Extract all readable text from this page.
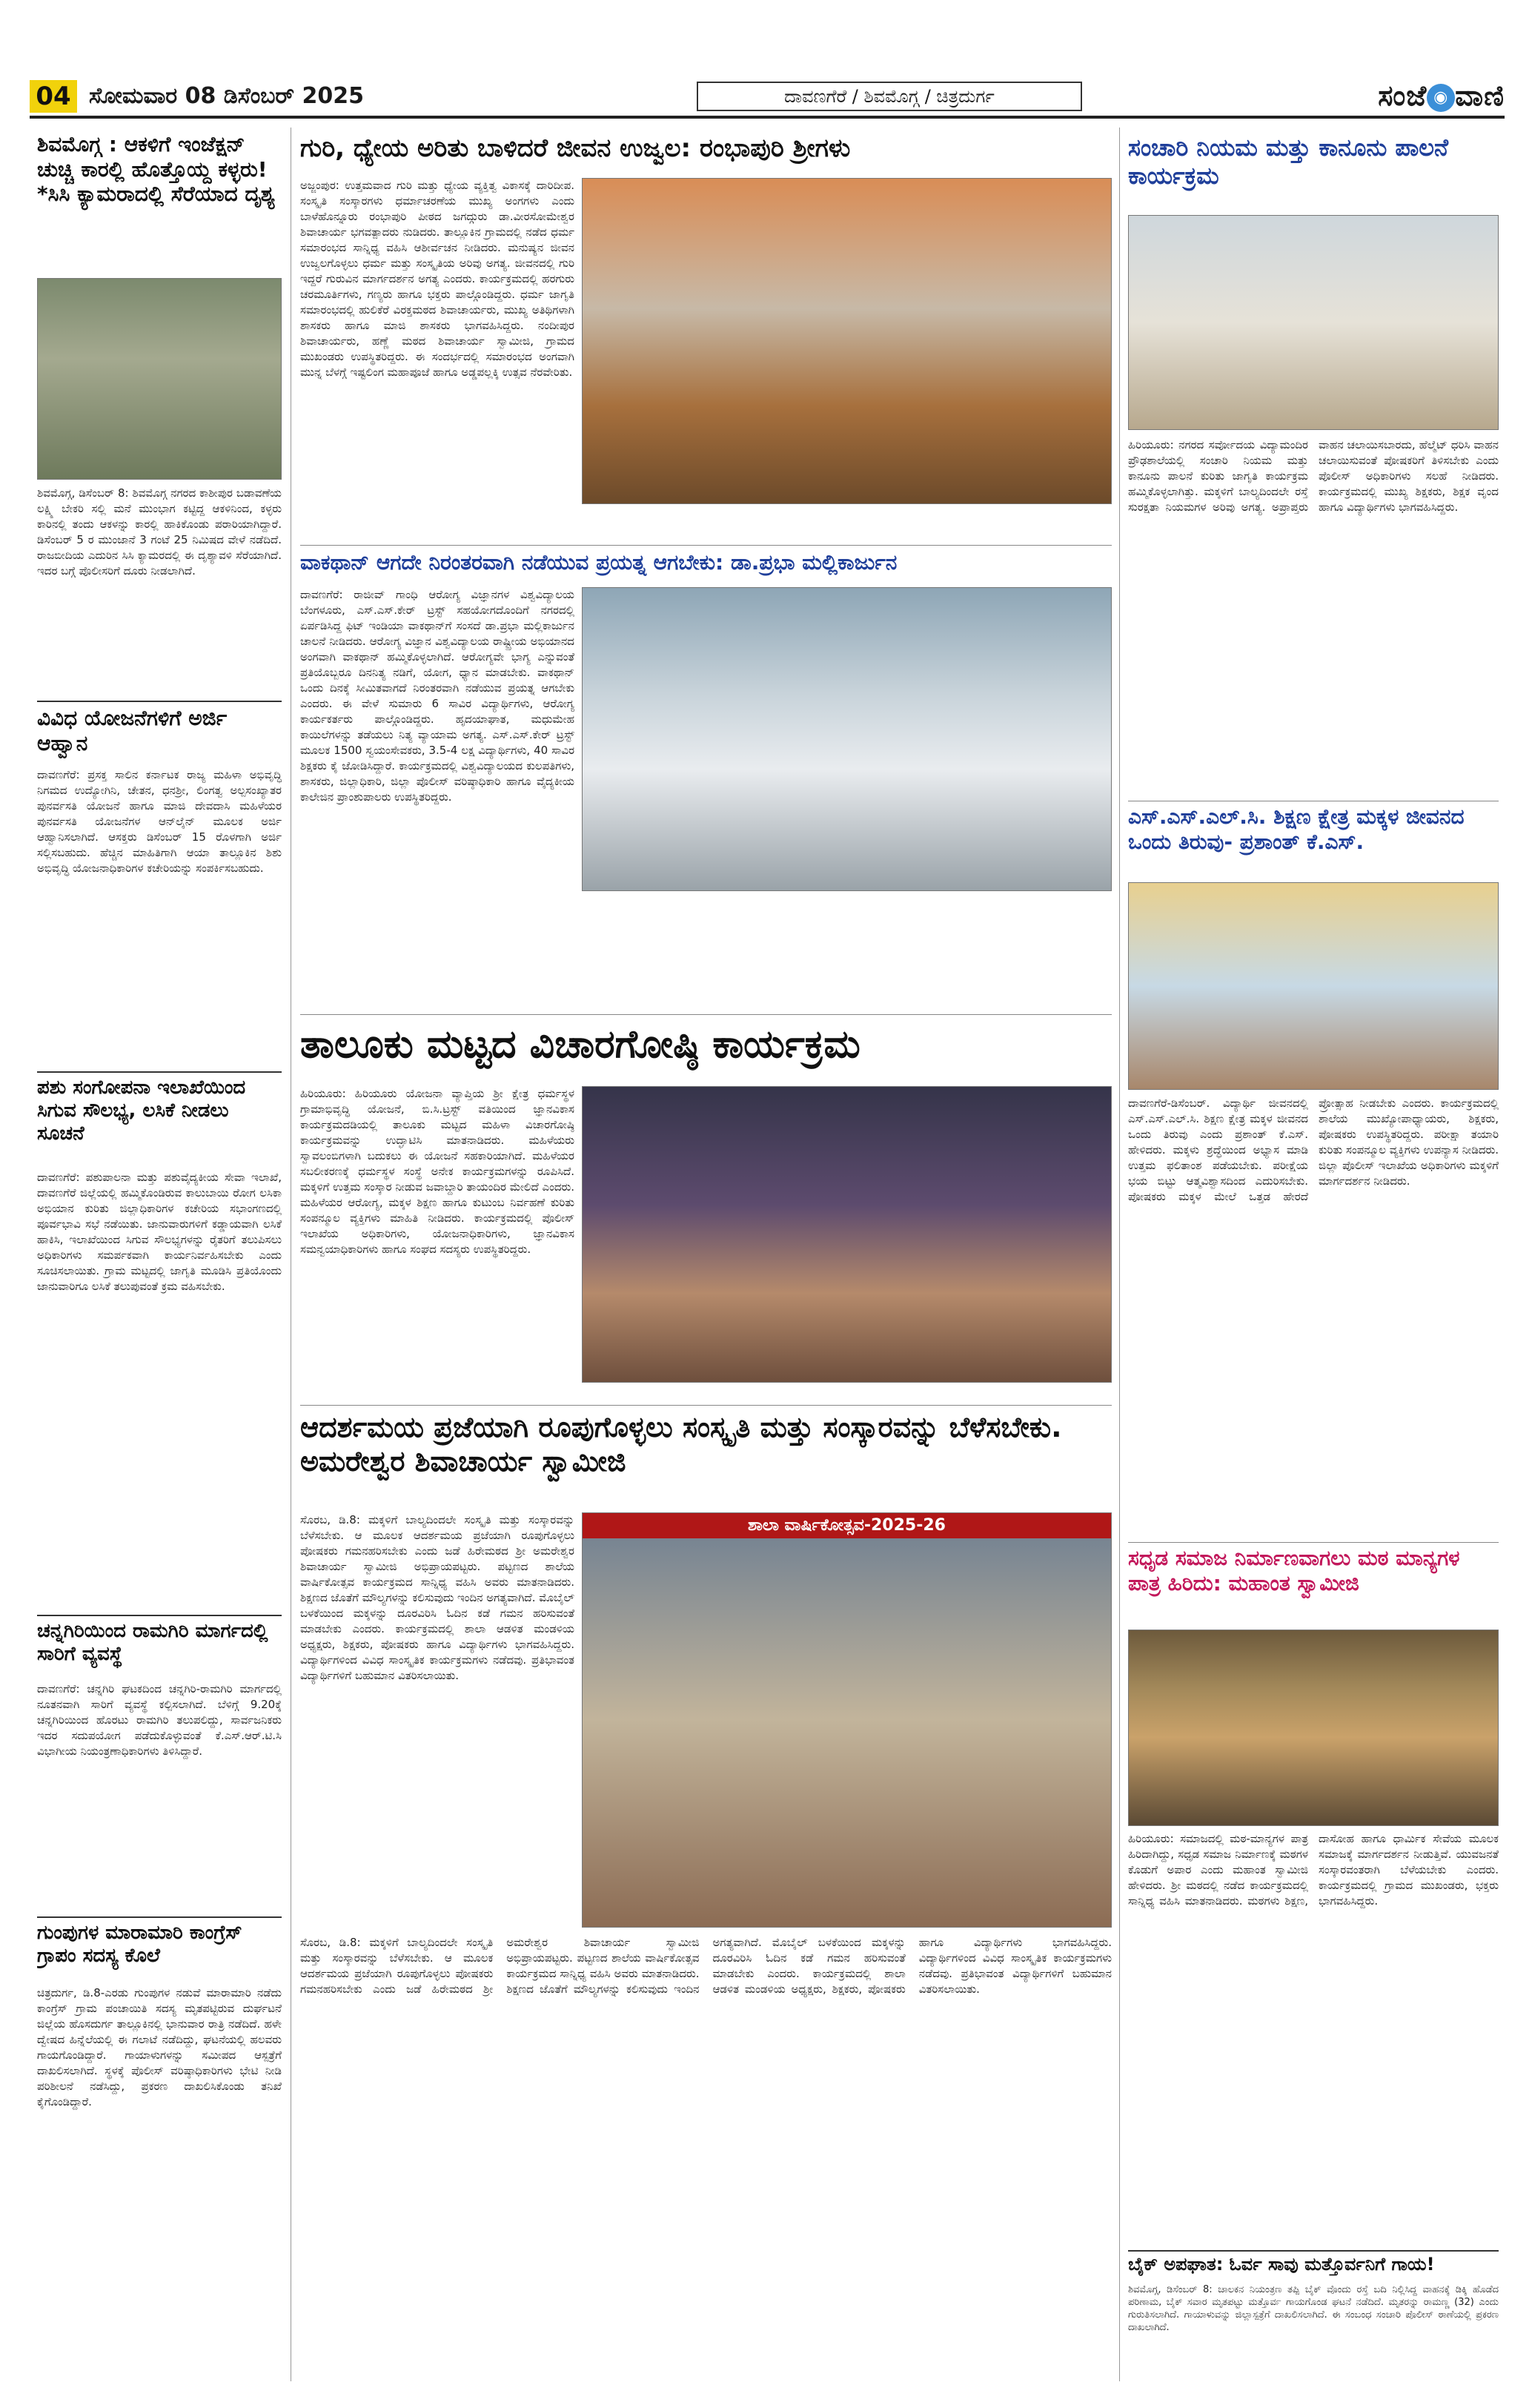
04 ಸೋಮವಾರ 08 ಡಿಸೆಂಬರ್ 2025	ದಾವಣಗೆರೆ / ಶಿವಮೊಗ್ಗ / ಚಿತ್ರದುರ್ಗ	ಸಂಜೆ ◉ ವಾಣಿ
ಶಿವಮೊಗ್ಗ : ಆಕಳಿಗೆ ಇಂಜೆಕ್ಷನ್ ಚುಚ್ಚಿ ಕಾರಲ್ಲಿ ಹೊತ್ತೊಯ್ದ ಕಳ್ಳರು! *ಸಿಸಿ ಕ್ಯಾಮರಾದಲ್ಲಿ ಸೆರೆಯಾದ ದೃಶ್ಯ
ಶಿವಮೊಗ್ಗ, ಡಿಸೆಂಬರ್ 8: ಶಿವಮೊಗ್ಗ ನಗರದ ಕಾಶೀಪುರ ಬಡಾವಣೆಯ ಲಕ್ಷ್ಮಿ ಬೇಕರಿ ಸಲ್ಲಿ ಮನೆ ಮುಂಭಾಗ ಕಟ್ಟಿದ್ದ ಆಕಳಿನಿಂದ, ಕಳ್ಳರು ಕಾರಿನಲ್ಲಿ ತಂದು ಆಕಳನ್ನು ಕಾರಲ್ಲಿ ಹಾಕಿಕೊಂಡು ಪರಾರಿಯಾಗಿದ್ದಾರೆ. ಡಿಸೆಂಬರ್ 5 ರ ಮುಂಜಾನೆ 3 ಗಂಟೆ 25 ನಿಮಿಷದ ವೇಳೆ ನಡೆದಿದೆ. ರಾಜಬೀದಿಯ ಎದುರಿನ ಸಿಸಿ ಕ್ಯಾಮರದಲ್ಲಿ ಈ ದೃಶ್ಯಾವಳಿ ಸೆರೆಯಾಗಿದೆ. ಇದರ ಬಗ್ಗೆ ಪೊಲೀಸರಿಗೆ ದೂರು ನೀಡಲಾಗಿದೆ.
ವಿವಿಧ ಯೋಜನೆಗಳಿಗೆ ಅರ್ಜಿ ಆಹ್ವಾನ
ದಾವಣಗೆರೆ: ಪ್ರಸಕ್ತ ಸಾಲಿನ ಕರ್ನಾಟಕ ರಾಜ್ಯ ಮಹಿಳಾ ಅಭಿವೃದ್ಧಿ ನಿಗಮದ ಉದ್ಯೋಗಿನಿ, ಚೇತನ, ಧನಶ್ರೀ, ಲಿಂಗತ್ವ ಅಲ್ಪಸಂಖ್ಯಾತರ ಪುನರ್ವಸತಿ ಯೋಜನೆ ಹಾಗೂ ಮಾಜಿ ದೇವದಾಸಿ ಮಹಿಳೆಯರ ಪುನರ್ವಸತಿ ಯೋಜನೆಗಳ ಆನ್‌ಲೈನ್ ಮೂಲಕ ಅರ್ಜಿ ಆಹ್ವಾನಿಸಲಾಗಿದೆ. ಆಸಕ್ತರು ಡಿಸೆಂಬರ್ 15 ರೊಳಗಾಗಿ ಅರ್ಜಿ ಸಲ್ಲಿಸಬಹುದು. ಹೆಚ್ಚಿನ ಮಾಹಿತಿಗಾಗಿ ಆಯಾ ತಾಲ್ಲೂಕಿನ ಶಿಶು ಅಭಿವೃದ್ಧಿ ಯೋಜನಾಧಿಕಾರಿಗಳ ಕಚೇರಿಯನ್ನು ಸಂಪರ್ಕಿಸಬಹುದು.
ಪಶು ಸಂಗೋಪನಾ ಇಲಾಖೆಯಿಂದ ಸಿಗುವ ಸೌಲಭ್ಯ, ಲಸಿಕೆ ನೀಡಲು ಸೂಚನೆ
ದಾವಣಗೆರೆ: ಪಶುಪಾಲನಾ ಮತ್ತು ಪಶುವೈದ್ಯಕೀಯ ಸೇವಾ ಇಲಾಖೆ, ದಾವಣಗೆರೆ ಜಿಲ್ಲೆಯಲ್ಲಿ ಹಮ್ಮಿಕೊಂಡಿರುವ ಕಾಲುಬಾಯಿ ರೋಗ ಲಸಿಕಾ ಅಭಿಯಾನ ಕುರಿತು ಜಿಲ್ಲಾಧಿಕಾರಿಗಳ ಕಚೇರಿಯ ಸಭಾಂಗಣದಲ್ಲಿ ಪೂರ್ವಭಾವಿ ಸಭೆ ನಡೆಯಿತು. ಜಾನುವಾರುಗಳಿಗೆ ಕಡ್ಡಾಯವಾಗಿ ಲಸಿಕೆ ಹಾಕಿಸಿ, ಇಲಾಖೆಯಿಂದ ಸಿಗುವ ಸೌಲಭ್ಯಗಳನ್ನು ರೈತರಿಗೆ ತಲುಪಿಸಲು ಅಧಿಕಾರಿಗಳು ಸಮರ್ಪಕವಾಗಿ ಕಾರ್ಯನಿರ್ವಹಿಸಬೇಕು ಎಂದು ಸೂಚಿಸಲಾಯಿತು. ಗ್ರಾಮ ಮಟ್ಟದಲ್ಲಿ ಜಾಗೃತಿ ಮೂಡಿಸಿ ಪ್ರತಿಯೊಂದು ಜಾನುವಾರಿಗೂ ಲಸಿಕೆ ತಲುಪುವಂತೆ ಕ್ರಮ ವಹಿಸಬೇಕು.
ಚನ್ನಗಿರಿಯಿಂದ ರಾಮಗಿರಿ ಮಾರ್ಗದಲ್ಲಿ ಸಾರಿಗೆ ವ್ಯವಸ್ಥೆ
ದಾವಣಗೆರೆ: ಚನ್ನಗಿರಿ ಘಟಕದಿಂದ ಚನ್ನಗಿರಿ-ರಾಮಗಿರಿ ಮಾರ್ಗದಲ್ಲಿ ನೂತನವಾಗಿ ಸಾರಿಗೆ ವ್ಯವಸ್ಥೆ ಕಲ್ಪಿಸಲಾಗಿದೆ. ಬೆಳಿಗ್ಗೆ 9.20ಕ್ಕೆ ಚನ್ನಗಿರಿಯಿಂದ ಹೊರಟು ರಾಮಗಿರಿ ತಲುಪಲಿದ್ದು, ಸಾರ್ವಜನಿಕರು ಇದರ ಸದುಪಯೋಗ ಪಡೆದುಕೊಳ್ಳುವಂತೆ ಕೆ.ಎಸ್.ಆರ್.ಟಿ.ಸಿ ವಿಭಾಗೀಯ ನಿಯಂತ್ರಣಾಧಿಕಾರಿಗಳು ತಿಳಿಸಿದ್ದಾರೆ.
ಗುಂಪುಗಳ ಮಾರಾಮಾರಿ ಕಾಂಗ್ರೆಸ್ ಗ್ರಾಪಂ ಸದಸ್ಯ ಕೊಲೆ
ಚಿತ್ರದುರ್ಗ, ಡಿ.8-ಎರಡು ಗುಂಪುಗಳ ನಡುವೆ ಮಾರಾಮಾರಿ ನಡೆದು ಕಾಂಗ್ರೆಸ್ ಗ್ರಾಮ ಪಂಚಾಯಿತಿ ಸದಸ್ಯ ಮೃತಪಟ್ಟಿರುವ ದುರ್ಘಟನೆ ಜಿಲ್ಲೆಯ ಹೊಸದುರ್ಗ ತಾಲ್ಲೂಕಿನಲ್ಲಿ ಭಾನುವಾರ ರಾತ್ರಿ ನಡೆದಿದೆ. ಹಳೇ ದ್ವೇಷದ ಹಿನ್ನೆಲೆಯಲ್ಲಿ ಈ ಗಲಾಟೆ ನಡೆದಿದ್ದು, ಘಟನೆಯಲ್ಲಿ ಹಲವರು ಗಾಯಗೊಂಡಿದ್ದಾರೆ. ಗಾಯಾಳುಗಳನ್ನು ಸಮೀಪದ ಆಸ್ಪತ್ರೆಗೆ ದಾಖಲಿಸಲಾಗಿದೆ. ಸ್ಥಳಕ್ಕೆ ಪೊಲೀಸ್ ವರಿಷ್ಠಾಧಿಕಾರಿಗಳು ಭೇಟಿ ನೀಡಿ ಪರಿಶೀಲನೆ ನಡೆಸಿದ್ದು, ಪ್ರಕರಣ ದಾಖಲಿಸಿಕೊಂಡು ತನಿಖೆ ಕೈಗೊಂಡಿದ್ದಾರೆ.
ಗುರಿ, ಧ್ಯೇಯ ಅರಿತು ಬಾಳಿದರೆ ಜೀವನ ಉಜ್ವಲ: ರಂಭಾಪುರಿ ಶ್ರೀಗಳು
ಅಜ್ಜಂಪುರ: ಉತ್ತಮವಾದ ಗುರಿ ಮತ್ತು ಧ್ಯೇಯ ವ್ಯಕ್ತಿತ್ವ ವಿಕಾಸಕ್ಕೆ ದಾರಿದೀಪ. ಸಂಸ್ಕೃತಿ ಸಂಸ್ಕಾರಗಳು ಧರ್ಮಾಚರಣೆಯ ಮುಖ್ಯ ಅಂಗಗಳು ಎಂದು ಬಾಳೆಹೊನ್ನೂರು ರಂಭಾಪುರಿ ಪೀಠದ ಜಗದ್ಗುರು ಡಾ.ವೀರಸೋಮೇಶ್ವರ ಶಿವಾಚಾರ್ಯ ಭಗವತ್ಪಾದರು ನುಡಿದರು. ತಾಲ್ಲೂಕಿನ ಗ್ರಾಮದಲ್ಲಿ ನಡೆದ ಧರ್ಮ ಸಮಾರಂಭದ ಸಾನ್ನಿಧ್ಯ ವಹಿಸಿ ಆಶೀರ್ವಚನ ನೀಡಿದರು. ಮನುಷ್ಯನ ಜೀವನ ಉಜ್ವಲಗೊಳ್ಳಲು ಧರ್ಮ ಮತ್ತು ಸಂಸ್ಕೃತಿಯ ಅರಿವು ಅಗತ್ಯ. ಜೀವನದಲ್ಲಿ ಗುರಿ ಇದ್ದರೆ ಗುರುವಿನ ಮಾರ್ಗದರ್ಶನ ಅಗತ್ಯ ಎಂದರು. ಕಾರ್ಯಕ್ರಮದಲ್ಲಿ ಹರಗುರು ಚರಮೂರ್ತಿಗಳು, ಗಣ್ಯರು ಹಾಗೂ ಭಕ್ತರು ಪಾಲ್ಗೊಂಡಿದ್ದರು. ಧರ್ಮ ಜಾಗೃತಿ ಸಮಾರಂಭದಲ್ಲಿ ಹುಲಿಕೆರೆ ವಿರಕ್ತಮಠದ ಶಿವಾಚಾರ್ಯರು, ಮುಖ್ಯ ಅತಿಥಿಗಳಾಗಿ ಶಾಸಕರು ಹಾಗೂ ಮಾಜಿ ಶಾಸಕರು ಭಾಗವಹಿಸಿದ್ದರು. ನಂದೀಪುರ ಶಿವಾಚಾರ್ಯರು, ಹಣ್ಣೆ ಮಠದ ಶಿವಾಚಾರ್ಯ ಸ್ವಾಮೀಜಿ, ಗ್ರಾಮದ ಮುಖಂಡರು ಉಪಸ್ಥಿತರಿದ್ದರು. ಈ ಸಂದರ್ಭದಲ್ಲಿ ಸಮಾರಂಭದ ಅಂಗವಾಗಿ ಮುನ್ನ ಬೆಳಗ್ಗೆ ಇಷ್ಟಲಿಂಗ ಮಹಾಪೂಜೆ ಹಾಗೂ ಅಡ್ಡಪಲ್ಲಕ್ಕಿ ಉತ್ಸವ ನೆರವೇರಿತು.
ವಾಕಥಾನ್ ಆಗದೇ ನಿರಂತರವಾಗಿ ನಡೆಯುವ ಪ್ರಯತ್ನ ಆಗಬೇಕು: ಡಾ.ಪ್ರಭಾ ಮಲ್ಲಿಕಾರ್ಜುನ
ದಾವಣಗೆರೆ: ರಾಜೀವ್ ಗಾಂಧಿ ಆರೋಗ್ಯ ವಿಜ್ಞಾನಗಳ ವಿಶ್ವವಿದ್ಯಾಲಯ ಬೆಂಗಳೂರು, ಎಸ್.ಎಸ್.ಕೇರ್ ಟ್ರಸ್ಟ್ ಸಹಯೋಗದೊಂದಿಗೆ ನಗರದಲ್ಲಿ ಏರ್ಪಡಿಸಿದ್ದ ಫಿಟ್ ಇಂಡಿಯಾ ವಾಕಥಾನ್‌ಗೆ ಸಂಸದೆ ಡಾ.ಪ್ರಭಾ ಮಲ್ಲಿಕಾರ್ಜುನ ಚಾಲನೆ ನೀಡಿದರು. ಆರೋಗ್ಯ ವಿಜ್ಞಾನ ವಿಶ್ವವಿದ್ಯಾಲಯ ರಾಷ್ಟ್ರೀಯ ಅಭಿಯಾನದ ಅಂಗವಾಗಿ ವಾಕಥಾನ್ ಹಮ್ಮಿಕೊಳ್ಳಲಾಗಿದೆ. ಆರೋಗ್ಯವೇ ಭಾಗ್ಯ ಎನ್ನುವಂತೆ ಪ್ರತಿಯೊಬ್ಬರೂ ದಿನನಿತ್ಯ ನಡಿಗೆ, ಯೋಗ, ಧ್ಯಾನ ಮಾಡಬೇಕು. ವಾಕಥಾನ್ ಒಂದು ದಿನಕ್ಕೆ ಸೀಮಿತವಾಗದೆ ನಿರಂತರವಾಗಿ ನಡೆಯುವ ಪ್ರಯತ್ನ ಆಗಬೇಕು ಎಂದರು. ಈ ವೇಳೆ ಸುಮಾರು 6 ಸಾವಿರ ವಿದ್ಯಾರ್ಥಿಗಳು, ಆರೋಗ್ಯ ಕಾರ್ಯಕರ್ತರು ಪಾಲ್ಗೊಂಡಿದ್ದರು. ಹೃದಯಾಘಾತ, ಮಧುಮೇಹ ಕಾಯಿಲೆಗಳನ್ನು ತಡೆಯಲು ನಿತ್ಯ ವ್ಯಾಯಾಮ ಅಗತ್ಯ. ಎಸ್.ಎಸ್.ಕೇರ್ ಟ್ರಸ್ಟ್ ಮೂಲಕ 1500 ಸ್ವಯಂಸೇವಕರು, 3.5-4 ಲಕ್ಷ ವಿದ್ಯಾರ್ಥಿಗಳು, 40 ಸಾವಿರ ಶಿಕ್ಷಕರು ಕೈ ಜೋಡಿಸಿದ್ದಾರೆ. ಕಾರ್ಯಕ್ರಮದಲ್ಲಿ ವಿಶ್ವವಿದ್ಯಾಲಯದ ಕುಲಪತಿಗಳು, ಶಾಸಕರು, ಜಿಲ್ಲಾಧಿಕಾರಿ, ಜಿಲ್ಲಾ ಪೊಲೀಸ್ ವರಿಷ್ಠಾಧಿಕಾರಿ ಹಾಗೂ ವೈದ್ಯಕೀಯ ಕಾಲೇಜಿನ ಪ್ರಾಂಶುಪಾಲರು ಉಪಸ್ಥಿತರಿದ್ದರು.
ತಾಲೂಕು ಮಟ್ಟದ ವಿಚಾರಗೋಷ್ಠಿ ಕಾರ್ಯಕ್ರಮ
ಹಿರಿಯೂರು: ಹಿರಿಯೂರು ಯೋಜನಾ ವ್ಯಾಪ್ತಿಯ ಶ್ರೀ ಕ್ಷೇತ್ರ ಧರ್ಮಸ್ಥಳ ಗ್ರಾಮಾಭಿವೃದ್ಧಿ ಯೋಜನೆ, ಬಿ.ಸಿ.ಟ್ರಸ್ಟ್ ವತಿಯಿಂದ ಜ್ಞಾನವಿಕಾಸ ಕಾರ್ಯಕ್ರಮದಡಿಯಲ್ಲಿ ತಾಲೂಕು ಮಟ್ಟದ ಮಹಿಳಾ ವಿಚಾರಗೋಷ್ಠಿ ಕಾರ್ಯಕ್ರಮವನ್ನು ಉದ್ಘಾಟಿಸಿ ಮಾತನಾಡಿದರು. ಮಹಿಳೆಯರು ಸ್ವಾವಲಂಬಿಗಳಾಗಿ ಬದುಕಲು ಈ ಯೋಜನೆ ಸಹಕಾರಿಯಾಗಿದೆ. ಮಹಿಳೆಯರ ಸಬಲೀಕರಣಕ್ಕೆ ಧರ್ಮಸ್ಥಳ ಸಂಸ್ಥೆ ಅನೇಕ ಕಾರ್ಯಕ್ರಮಗಳನ್ನು ರೂಪಿಸಿದೆ. ಮಕ್ಕಳಿಗೆ ಉತ್ತಮ ಸಂಸ್ಕಾರ ನೀಡುವ ಜವಾಬ್ದಾರಿ ತಾಯಂದಿರ ಮೇಲಿದೆ ಎಂದರು. ಮಹಿಳೆಯರ ಆರೋಗ್ಯ, ಮಕ್ಕಳ ಶಿಕ್ಷಣ ಹಾಗೂ ಕುಟುಂಬ ನಿರ್ವಹಣೆ ಕುರಿತು ಸಂಪನ್ಮೂಲ ವ್ಯಕ್ತಿಗಳು ಮಾಹಿತಿ ನೀಡಿದರು. ಕಾರ್ಯಕ್ರಮದಲ್ಲಿ ಪೊಲೀಸ್ ಇಲಾಖೆಯ ಅಧಿಕಾರಿಗಳು, ಯೋಜನಾಧಿಕಾರಿಗಳು, ಜ್ಞಾನವಿಕಾಸ ಸಮನ್ವಯಾಧಿಕಾರಿಗಳು ಹಾಗೂ ಸಂಘದ ಸದಸ್ಯರು ಉಪಸ್ಥಿತರಿದ್ದರು.
ಆದರ್ಶಮಯ ಪ್ರಜೆಯಾಗಿ ರೂಪುಗೊಳ್ಳಲು ಸಂಸ್ಕೃತಿ ಮತ್ತು ಸಂಸ್ಕಾರವನ್ನು ಬೆಳೆಸಬೇಕು. ಅಮರೇಶ್ವರ ಶಿವಾಚಾರ್ಯ ಸ್ವಾಮೀಜಿ
ಸೊರಬ, ಡಿ.8: ಮಕ್ಕಳಿಗೆ ಬಾಲ್ಯದಿಂದಲೇ ಸಂಸ್ಕೃತಿ ಮತ್ತು ಸಂಸ್ಕಾರವನ್ನು ಬೆಳೆಸಬೇಕು. ಆ ಮೂಲಕ ಆದರ್ಶಮಯ ಪ್ರಜೆಯಾಗಿ ರೂಪುಗೊಳ್ಳಲು ಪೋಷಕರು ಗಮನಹರಿಸಬೇಕು ಎಂದು ಜಡೆ ಹಿರೇಮಠದ ಶ್ರೀ ಅಮರೇಶ್ವರ ಶಿವಾಚಾರ್ಯ ಸ್ವಾಮೀಜಿ ಅಭಿಪ್ರಾಯಪಟ್ಟರು. ಪಟ್ಟಣದ ಶಾಲೆಯ ವಾರ್ಷಿಕೋತ್ಸವ ಕಾರ್ಯಕ್ರಮದ ಸಾನ್ನಿಧ್ಯ ವಹಿಸಿ ಅವರು ಮಾತನಾಡಿದರು. ಶಿಕ್ಷಣದ ಜೊತೆಗೆ ಮೌಲ್ಯಗಳನ್ನು ಕಲಿಸುವುದು ಇಂದಿನ ಅಗತ್ಯವಾಗಿದೆ. ಮೊಬೈಲ್ ಬಳಕೆಯಿಂದ ಮಕ್ಕಳನ್ನು ದೂರವಿರಿಸಿ ಓದಿನ ಕಡೆ ಗಮನ ಹರಿಸುವಂತೆ ಮಾಡಬೇಕು ಎಂದರು. ಕಾರ್ಯಕ್ರಮದಲ್ಲಿ ಶಾಲಾ ಆಡಳಿತ ಮಂಡಳಿಯ ಅಧ್ಯಕ್ಷರು, ಶಿಕ್ಷಕರು, ಪೋಷಕರು ಹಾಗೂ ವಿದ್ಯಾರ್ಥಿಗಳು ಭಾಗವಹಿಸಿದ್ದರು. ವಿದ್ಯಾರ್ಥಿಗಳಿಂದ ವಿವಿಧ ಸಾಂಸ್ಕೃತಿಕ ಕಾರ್ಯಕ್ರಮಗಳು ನಡೆದವು. ಪ್ರತಿಭಾವಂತ ವಿದ್ಯಾರ್ಥಿಗಳಿಗೆ ಬಹುಮಾನ ವಿತರಿಸಲಾಯಿತು.
ಶಾಲಾ ವಾರ್ಷಿಕೋತ್ಸವ-2025-26
ಸೊರಬ, ಡಿ.8: ಮಕ್ಕಳಿಗೆ ಬಾಲ್ಯದಿಂದಲೇ ಸಂಸ್ಕೃತಿ ಮತ್ತು ಸಂಸ್ಕಾರವನ್ನು ಬೆಳೆಸಬೇಕು. ಆ ಮೂಲಕ ಆದರ್ಶಮಯ ಪ್ರಜೆಯಾಗಿ ರೂಪುಗೊಳ್ಳಲು ಪೋಷಕರು ಗಮನಹರಿಸಬೇಕು ಎಂದು ಜಡೆ ಹಿರೇಮಠದ ಶ್ರೀ ಅಮರೇಶ್ವರ ಶಿವಾಚಾರ್ಯ ಸ್ವಾಮೀಜಿ ಅಭಿಪ್ರಾಯಪಟ್ಟರು. ಪಟ್ಟಣದ ಶಾಲೆಯ ವಾರ್ಷಿಕೋತ್ಸವ ಕಾರ್ಯಕ್ರಮದ ಸಾನ್ನಿಧ್ಯ ವಹಿಸಿ ಅವರು ಮಾತನಾಡಿದರು. ಶಿಕ್ಷಣದ ಜೊತೆಗೆ ಮೌಲ್ಯಗಳನ್ನು ಕಲಿಸುವುದು ಇಂದಿನ ಅಗತ್ಯವಾಗಿದೆ. ಮೊಬೈಲ್ ಬಳಕೆಯಿಂದ ಮಕ್ಕಳನ್ನು ದೂರವಿರಿಸಿ ಓದಿನ ಕಡೆ ಗಮನ ಹರಿಸುವಂತೆ ಮಾಡಬೇಕು ಎಂದರು. ಕಾರ್ಯಕ್ರಮದಲ್ಲಿ ಶಾಲಾ ಆಡಳಿತ ಮಂಡಳಿಯ ಅಧ್ಯಕ್ಷರು, ಶಿಕ್ಷಕರು, ಪೋಷಕರು ಹಾಗೂ ವಿದ್ಯಾರ್ಥಿಗಳು ಭಾಗವಹಿಸಿದ್ದರು. ವಿದ್ಯಾರ್ಥಿಗಳಿಂದ ವಿವಿಧ ಸಾಂಸ್ಕೃತಿಕ ಕಾರ್ಯಕ್ರಮಗಳು ನಡೆದವು. ಪ್ರತಿಭಾವಂತ ವಿದ್ಯಾರ್ಥಿಗಳಿಗೆ ಬಹುಮಾನ ವಿತರಿಸಲಾಯಿತು.
ಸಂಚಾರಿ ನಿಯಮ ಮತ್ತು ಕಾನೂನು ಪಾಲನೆ ಕಾರ್ಯಕ್ರಮ
ಹಿರಿಯೂರು: ನಗರದ ಸರ್ವೋದಯ ವಿದ್ಯಾಮಂದಿರ ಪ್ರೌಢಶಾಲೆಯಲ್ಲಿ ಸಂಚಾರಿ ನಿಯಮ ಮತ್ತು ಕಾನೂನು ಪಾಲನೆ ಕುರಿತು ಜಾಗೃತಿ ಕಾರ್ಯಕ್ರಮ ಹಮ್ಮಿಕೊಳ್ಳಲಾಗಿತ್ತು. ಮಕ್ಕಳಿಗೆ ಬಾಲ್ಯದಿಂದಲೇ ರಸ್ತೆ ಸುರಕ್ಷತಾ ನಿಯಮಗಳ ಅರಿವು ಅಗತ್ಯ. ಅಪ್ರಾಪ್ತರು ವಾಹನ ಚಲಾಯಿಸಬಾರದು, ಹೆಲ್ಮೆಟ್ ಧರಿಸಿ ವಾಹನ ಚಲಾಯಿಸುವಂತೆ ಪೋಷಕರಿಗೆ ತಿಳಿಸಬೇಕು ಎಂದು ಪೊಲೀಸ್ ಅಧಿಕಾರಿಗಳು ಸಲಹೆ ನೀಡಿದರು. ಕಾರ್ಯಕ್ರಮದಲ್ಲಿ ಮುಖ್ಯ ಶಿಕ್ಷಕರು, ಶಿಕ್ಷಕ ವೃಂದ ಹಾಗೂ ವಿದ್ಯಾರ್ಥಿಗಳು ಭಾಗವಹಿಸಿದ್ದರು.
ಎಸ್.ಎಸ್.ಎಲ್.ಸಿ. ಶಿಕ್ಷಣ ಕ್ಷೇತ್ರ ಮಕ್ಕಳ ಜೀವನದ ಒಂದು ತಿರುವು- ಪ್ರಶಾಂತ್ ಕೆ.ಎಸ್.
ದಾವಣಗೆರೆ-ಡಿಸೆಂಬರ್. ವಿದ್ಯಾರ್ಥಿ ಜೀವನದಲ್ಲಿ ಎಸ್.ಎಸ್.ಎಲ್.ಸಿ. ಶಿಕ್ಷಣ ಕ್ಷೇತ್ರ ಮಕ್ಕಳ ಜೀವನದ ಒಂದು ತಿರುವು ಎಂದು ಪ್ರಶಾಂತ್ ಕೆ.ಎಸ್. ಹೇಳಿದರು. ಮಕ್ಕಳು ಶ್ರದ್ಧೆಯಿಂದ ಅಭ್ಯಾಸ ಮಾಡಿ ಉತ್ತಮ ಫಲಿತಾಂಶ ಪಡೆಯಬೇಕು. ಪರೀಕ್ಷೆಯ ಭಯ ಬಿಟ್ಟು ಆತ್ಮವಿಶ್ವಾಸದಿಂದ ಎದುರಿಸಬೇಕು. ಪೋಷಕರು ಮಕ್ಕಳ ಮೇಲೆ ಒತ್ತಡ ಹೇರದೆ ಪ್ರೋತ್ಸಾಹ ನೀಡಬೇಕು ಎಂದರು. ಕಾರ್ಯಕ್ರಮದಲ್ಲಿ ಶಾಲೆಯ ಮುಖ್ಯೋಪಾಧ್ಯಾಯರು, ಶಿಕ್ಷಕರು, ಪೋಷಕರು ಉಪಸ್ಥಿತರಿದ್ದರು. ಪರೀಕ್ಷಾ ತಯಾರಿ ಕುರಿತು ಸಂಪನ್ಮೂಲ ವ್ಯಕ್ತಿಗಳು ಉಪನ್ಯಾಸ ನೀಡಿದರು. ಜಿಲ್ಲಾ ಪೊಲೀಸ್ ಇಲಾಖೆಯ ಅಧಿಕಾರಿಗಳು ಮಕ್ಕಳಿಗೆ ಮಾರ್ಗದರ್ಶನ ನೀಡಿದರು.
ಸಧೃಡ ಸಮಾಜ ನಿರ್ಮಾಣವಾಗಲು ಮಠ ಮಾನ್ಯಗಳ ಪಾತ್ರ ಹಿರಿದು: ಮಹಾಂತ ಸ್ವಾಮೀಜಿ
ಹಿರಿಯೂರು: ಸಮಾಜದಲ್ಲಿ ಮಠ-ಮಾನ್ಯಗಳ ಪಾತ್ರ ಹಿರಿದಾಗಿದ್ದು, ಸಧೃಡ ಸಮಾಜ ನಿರ್ಮಾಣಕ್ಕೆ ಮಠಗಳ ಕೊಡುಗೆ ಅಪಾರ ಎಂದು ಮಹಾಂತ ಸ್ವಾಮೀಜಿ ಹೇಳಿದರು. ಶ್ರೀ ಮಠದಲ್ಲಿ ನಡೆದ ಕಾರ್ಯಕ್ರಮದಲ್ಲಿ ಸಾನ್ನಿಧ್ಯ ವಹಿಸಿ ಮಾತನಾಡಿದರು. ಮಠಗಳು ಶಿಕ್ಷಣ, ದಾಸೋಹ ಹಾಗೂ ಧಾರ್ಮಿಕ ಸೇವೆಯ ಮೂಲಕ ಸಮಾಜಕ್ಕೆ ಮಾರ್ಗದರ್ಶನ ನೀಡುತ್ತಿವೆ. ಯುವಜನತೆ ಸಂಸ್ಕಾರವಂತರಾಗಿ ಬೆಳೆಯಬೇಕು ಎಂದರು. ಕಾರ್ಯಕ್ರಮದಲ್ಲಿ ಗ್ರಾಮದ ಮುಖಂಡರು, ಭಕ್ತರು ಭಾಗವಹಿಸಿದ್ದರು.
ಬೈಕ್ ಅಪಘಾತ: ಓರ್ವ ಸಾವು ಮತ್ತೊರ್ವನಿಗೆ ಗಾಯ!
ಶಿವಮೊಗ್ಗ, ಡಿಸೆಂಬರ್ 8: ಚಾಲಕನ ನಿಯಂತ್ರಣ ತಪ್ಪಿ ಬೈಕ್ ವೊಂದು ರಸ್ತೆ ಬದಿ ನಿಲ್ಲಿಸಿದ್ದ ವಾಹನಕ್ಕೆ ಡಿಕ್ಕಿ ಹೊಡೆದ ಪರಿಣಾಮ, ಬೈಕ್ ಸವಾರ ಮೃತಪಟ್ಟು ಮತ್ತೊರ್ವ ಗಾಯಗೊಂಡ ಘಟನೆ ನಡೆದಿದೆ. ಮೃತರನ್ನು ರಾಮಣ್ಣ (32) ಎಂದು ಗುರುತಿಸಲಾಗಿದೆ. ಗಾಯಾಳುವನ್ನು ಜಿಲ್ಲಾಸ್ಪತ್ರೆಗೆ ದಾಖಲಿಸಲಾಗಿದೆ. ಈ ಸಂಬಂಧ ಸಂಚಾರಿ ಪೊಲೀಸ್ ಠಾಣೆಯಲ್ಲಿ ಪ್ರಕರಣ ದಾಖಲಾಗಿದೆ.
